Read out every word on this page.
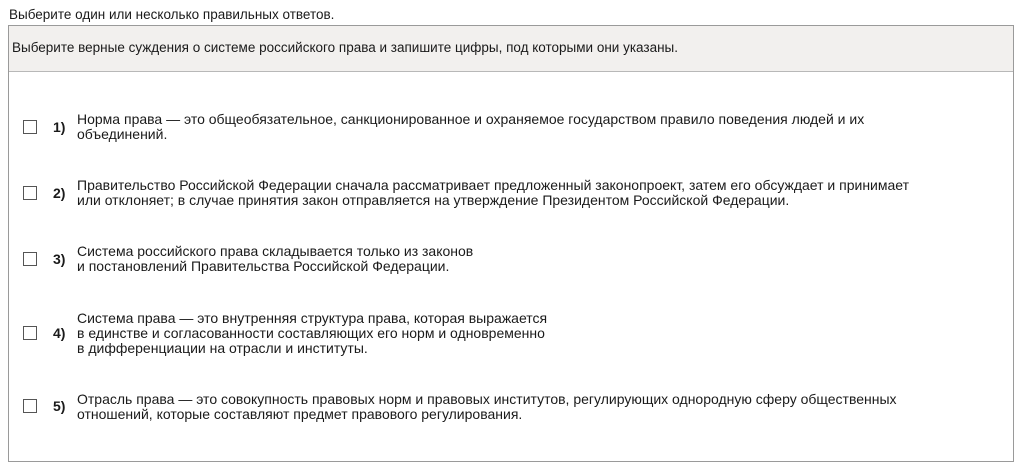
Выберите один или несколько правильных ответов.
Выберите верные суждения о системе российского права и запишите цифры, под которыми они указаны.
1) Норма права — это общеобязательное, санкционированное и охраняемое государством правило поведения людей и их
объединений.
2) Правительство Российской Федерации сначала рассматривает предложенный законопроект, затем его обсуждает и принимает
или отклоняет; в случае принятия закон отправляется на утверждение Президентом Российской Федерации.
3) Система российского права складывается только из законов
и постановлений Правительства Российской Федерации.
4)
Система права — это внутренняя структура права, которая выражается
в единстве и согласованности составляющих его норм и одновременно
в дифференциации на отрасли и институты.
5) Отрасль права — это совокупность правовых норм и правовых институтов, регулирующих однородную сферу общественных
отношений, которые составляют предмет правового регулирования.
